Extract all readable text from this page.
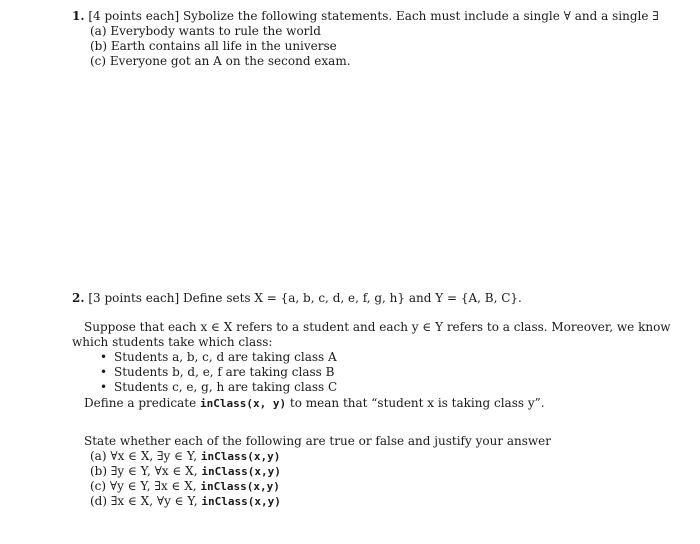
1. [4 points each] Sybolize the following statements. Each must include a single ∀ and a single ∃
(a) Everybody wants to rule the world
(b) Earth contains all life in the universe
(c) Everyone got an A on the second exam.
2. [3 points each] Define sets X = {a, b, c, d, e, f, g, h} and Y = {A, B, C}.
Suppose that each x ∈ X refers to a student and each y ∈ Y refers to a class. Moreover, we know
which students take which class:
• Students a, b, c, d are taking class A
• Students b, d, e, f are taking class B
• Students c, e, g, h are taking class C
Define a predicate inClass(x, y) to mean that “student x is taking class y”.
State whether each of the following are true or false and justify your answer
(a) ∀x ∈ X, ∃y ∈ Y, inClass(x,y)
(b) ∃y ∈ Y, ∀x ∈ X, inClass(x,y)
(c) ∀y ∈ Y, ∃x ∈ X, inClass(x,y)
(d) ∃x ∈ X, ∀y ∈ Y, inClass(x,y)
